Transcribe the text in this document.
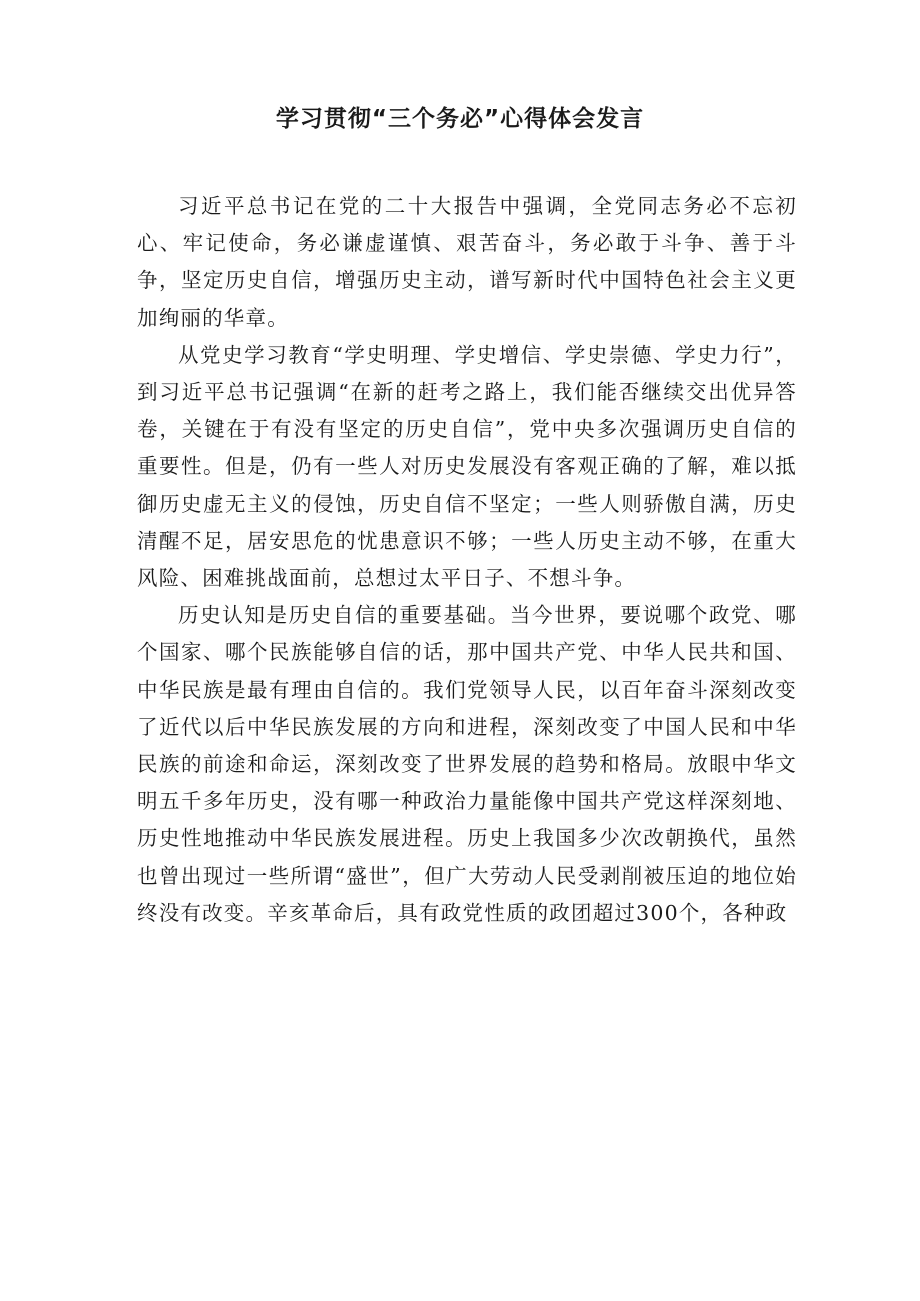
学习贯彻“三个务必”心得体会发言

习近平总书记在党的二十大报告中强调，全党同志务必不忘初心、牢记使命，务必谦虚谨慎、艰苦奋斗，务必敢于斗争、善于斗争，坚定历史自信，增强历史主动，谱写新时代中国特色社会主义更加绚丽的华章。

从党史学习教育“学史明理、学史增信、学史崇德、学史力行”，到习近平总书记强调“在新的赶考之路上，我们能否继续交出优异答卷，关键在于有没有坚定的历史自信”，党中央多次强调历史自信的重要性。但是，仍有一些人对历史发展没有客观正确的了解，难以抵御历史虚无主义的侵蚀，历史自信不坚定；一些人则骄傲自满，历史清醒不足，居安思危的忧患意识不够；一些人历史主动不够，在重大风险、困难挑战面前，总想过太平日子、不想斗争。

历史认知是历史自信的重要基础。当今世界，要说哪个政党、哪个国家、哪个民族能够自信的话，那中国共产党、中华人民共和国、中华民族是最有理由自信的。我们党领导人民，以百年奋斗深刻改变了近代以后中华民族发展的方向和进程，深刻改变了中国人民和中华民族的前途和命运，深刻改变了世界发展的趋势和格局。放眼中华文明五千多年历史，没有哪一种政治力量能像中国共产党这样深刻地、历史性地推动中华民族发展进程。历史上我国多少次改朝换代，虽然也曾出现过一些所谓“盛世”，但广大劳动人民受剥削被压迫的地位始终没有改变。辛亥革命后，具有政党性质的政团超过300个，各种政
